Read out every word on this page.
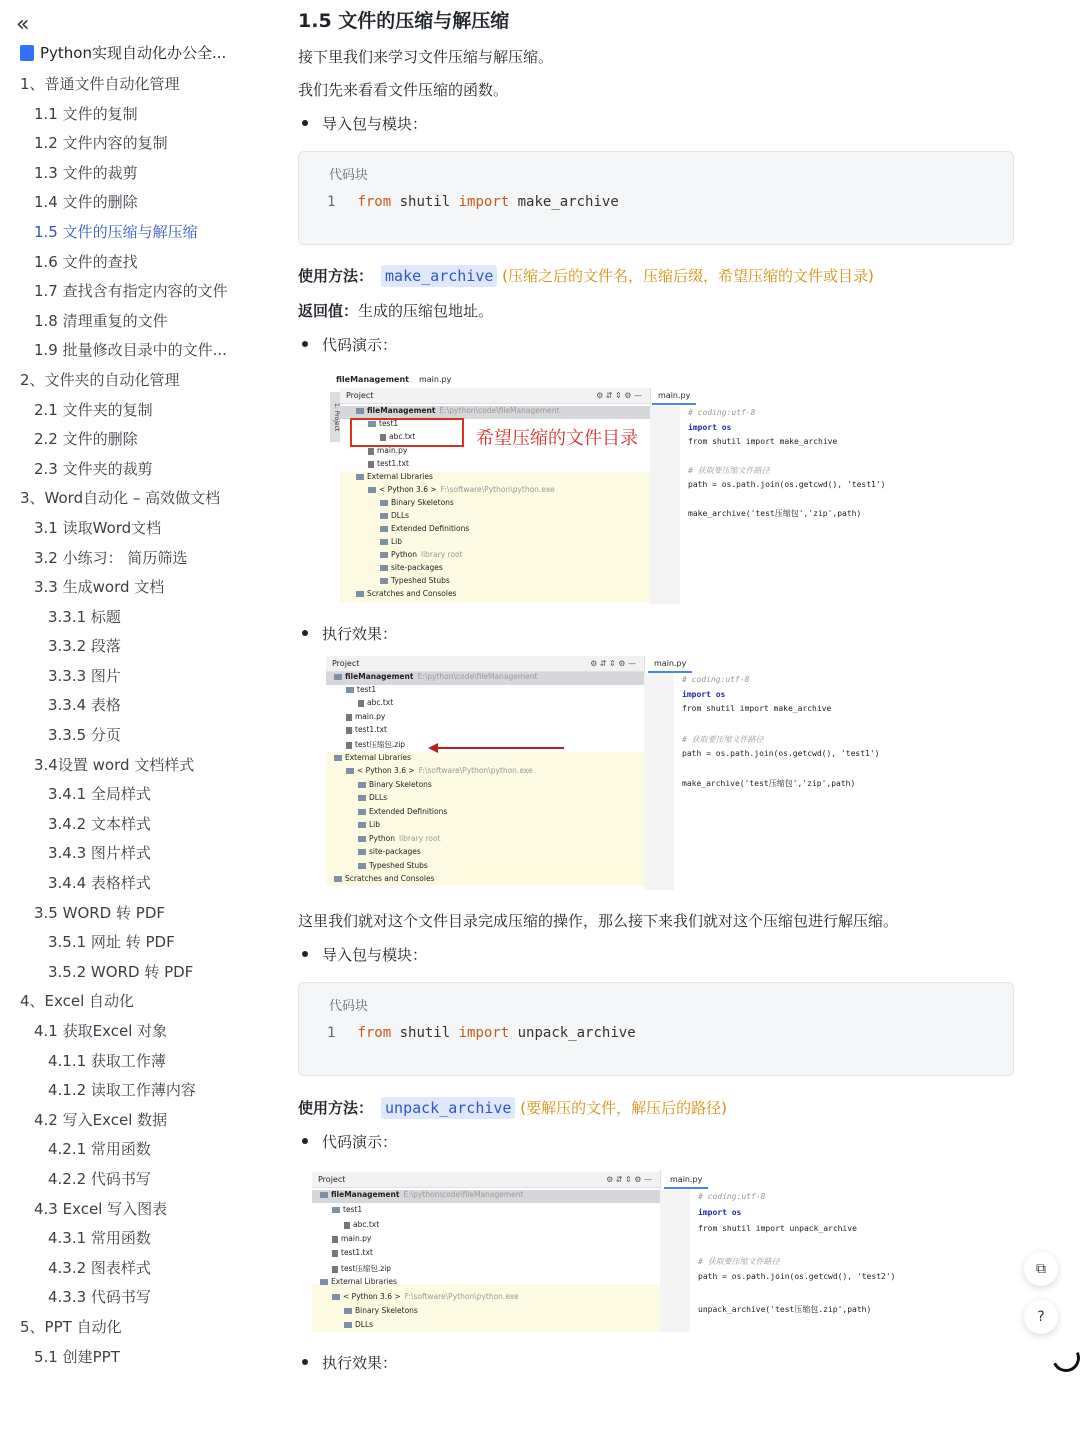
«
Python实现自动化办公全...
1、普通文件自动化管理
1.1 文件的复制
1.2 文件内容的复制
1.3 文件的裁剪
1.4 文件的删除
1.5 文件的压缩与解压缩
1.6 文件的查找
1.7 查找含有指定内容的文件
1.8 清理重复的文件
1.9 批量修改目录中的文件...
2、文件夹的自动化管理
2.1 文件夹的复制
2.2 文件的删除
2.3 文件夹的裁剪
3、Word自动化 – 高效做文档
3.1 读取Word文档
3.2 小练习： 简历筛选
3.3 生成word 文档
3.3.1 标题
3.3.2 段落
3.3.3 图片
3.3.4 表格
3.3.5 分页
3.4设置 word 文档样式
3.4.1 全局样式
3.4.2 文本样式
3.4.3 图片样式
3.4.4 表格样式
3.5 WORD 转 PDF
3.5.1 网址 转 PDF
3.5.2 WORD 转 PDF
4、Excel 自动化
4.1 获取Excel 对象
4.1.1 获取工作薄
4.1.2 读取工作薄内容
4.2 写入Excel 数据
4.2.1 常用函数
4.2.2 代码书写
4.3 Excel 写入图表
4.3.1 常用函数
4.3.2 图表样式
4.3.3 代码书写
5、PPT 自动化
5.1 创建PPT
1.5 文件的压缩与解压缩
接下里我们来学习文件压缩与解压缩。
我们先来看看文件压缩的函数。
导入包与模块：
代码块
1 from shutil import make_archive
使用方法： make_archive (压缩之后的文件名，压缩后缀，希望压缩的文件或目录)
返回值：生成的压缩包地址。
代码演示：
fileManagement main.py
1: Project
Project	⚙ ⇵ ⇕ ⚙ —
fileManagement E:\python\code\fileManagement
test1
abc.txt
main.py
test1.txt
External Libraries
< Python 3.6 > F:\software\Python\python.exe
Binary Skeletons
DLLs
Extended Definitions
Lib
Python library root
site-packages
Typeshed Stubs
Scratches and Consoles
希望压缩的文件目录
main.py
# coding:utf-8
import os
from shutil import make_archive
# 获取要压缩文件路径
path = os.path.join(os.getcwd(), 'test1')
make_archive('test压缩包','zip',path)
执行效果：
Project	⚙ ⇵ ⇕ ⚙ —
fileManagement E:\python\code\fileManagement
test1
abc.txt
main.py
test1.txt
test压缩包.zip
External Libraries
< Python 3.6 > F:\software\Python\python.exe
Binary Skeletons
DLLs
Extended Definitions
Lib
Python library root
site-packages
Typeshed Stubs
Scratches and Consoles
main.py
# coding:utf-8
import os
from shutil import make_archive
# 获取要压缩文件路径
path = os.path.join(os.getcwd(), 'test1')
make_archive('test压缩包','zip',path)
这里我们就对这个文件目录完成压缩的操作，那么接下来我们就对这个压缩包进行解压缩。
导入包与模块：
代码块
1 from shutil import unpack_archive
使用方法： unpack_archive (要解压的文件，解压后的路径)
代码演示：
Project	⚙ ⇵ ⇕ ⚙ —
fileManagement E:\python\code\fileManagement
test1
abc.txt
main.py
test1.txt
test压缩包.zip
External Libraries
< Python 3.6 > F:\software\Python\python.exe
Binary Skeletons
DLLs
main.py
# coding:utf-8
import os
from shutil import unpack_archive
# 获取要压缩文件路径
path = os.path.join(os.getcwd(), 'test2')
unpack_archive('test压缩包.zip',path)
执行效果：
⧉
?
